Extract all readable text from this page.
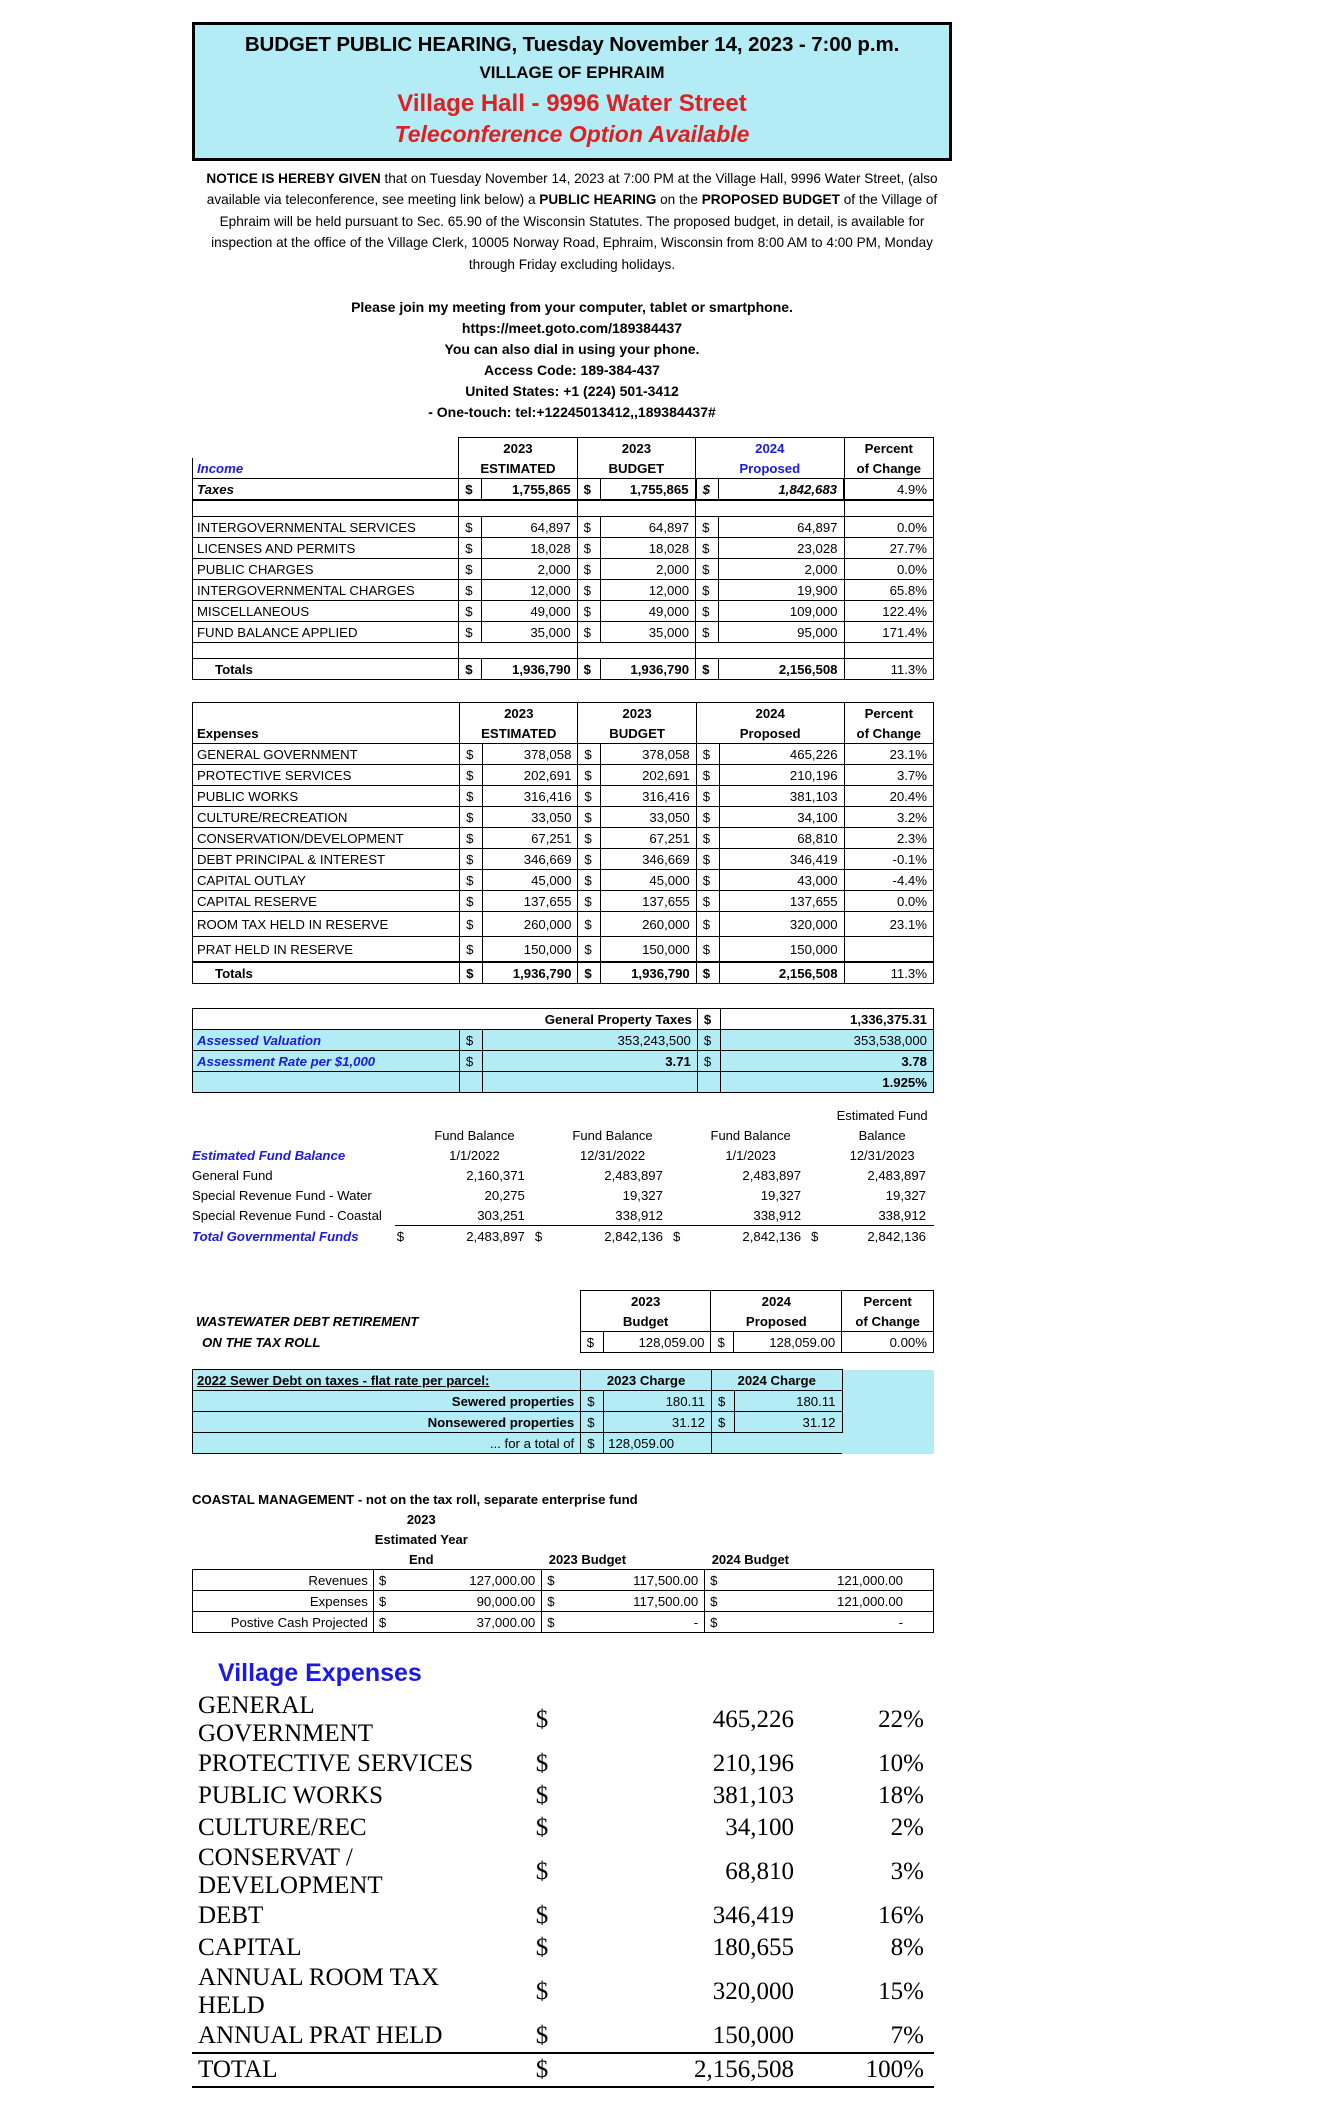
BUDGET PUBLIC HEARING, Tuesday November 14, 2023 - 7:00 p.m.
VILLAGE OF EPHRAIM
Village Hall - 9996 Water Street
Teleconference Option Available
NOTICE IS HEREBY GIVEN that on Tuesday November 14, 2023 at 7:00 PM at the Village Hall, 9996 Water Street, (also available via teleconference, see meeting link below) a PUBLIC HEARING on the PROPOSED BUDGET of the Village of Ephraim will be held pursuant to Sec. 65.90 of the Wisconsin Statutes. The proposed budget, in detail, is available for inspection at the office of the Village Clerk, 10005 Norway Road, Ephraim, Wisconsin from 8:00 AM to 4:00 PM, Monday through Friday excluding holidays.
Please join my meeting from your computer, tablet or smartphone.
https://meet.goto.com/189384437
You can also dial in using your phone.
Access Code: 189-384-437
United States: +1 (224) 501-3412
- One-touch: tel:+12245013412,,189384437#
	2023		2023		2024		Percent
Income	ESTIMATED		BUDGET		Proposed		of Change
Taxes	$	1,755,865	$	1,755,865	$	1,842,683	4.9%

INTERGOVERNMENTAL SERVICES	$	64,897	$	64,897	$	64,897	0.0%
LICENSES AND PERMITS	$	18,028	$	18,028	$	23,028	27.7%
PUBLIC CHARGES	$	2,000	$	2,000	$	2,000	0.0%
INTERGOVERNMENTAL CHARGES	$	12,000	$	12,000	$	19,900	65.8%
MISCELLANEOUS	$	49,000	$	49,000	$	109,000	122.4%
FUND BALANCE APPLIED	$	35,000	$	35,000	$	95,000	171.4%

Totals	$	1,936,790	$	1,936,790	$	2,156,508	11.3%
	2023		2023		2024		Percent
Expenses	ESTIMATED		BUDGET		Proposed		of Change
GENERAL GOVERNMENT	$	378,058	$	378,058	$	465,226	23.1%
PROTECTIVE SERVICES	$	202,691	$	202,691	$	210,196	3.7%
PUBLIC WORKS	$	316,416	$	316,416	$	381,103	20.4%
CULTURE/RECREATION	$	33,050	$	33,050	$	34,100	3.2%
CONSERVATION/DEVELOPMENT	$	67,251	$	67,251	$	68,810	2.3%
DEBT PRINCIPAL & INTEREST	$	346,669	$	346,669	$	346,419	-0.1%
CAPITAL OUTLAY	$	45,000	$	45,000	$	43,000	-4.4%
CAPITAL RESERVE	$	137,655	$	137,655	$	137,655	0.0%
ROOM TAX HELD IN RESERVE	$	260,000	$	260,000	$	320,000	23.1%
PRAT HELD IN RESERVE	$	150,000	$	150,000	$	150,000	
Totals	$	1,936,790	$	1,936,790	$	2,156,508	11.3%
General Property Taxes			$	1,336,375.31
Assessed Valuation	$	353,243,500	$	353,538,000
Assessment Rate per $1,000	$	3.71	$	3.78
				1.925%
								Estimated Fund
		Fund Balance		Fund Balance		Fund Balance		Balance
Estimated Fund Balance		1/1/2022		12/31/2022		1/1/2023		12/31/2023
General Fund		2,160,371		2,483,897		2,483,897		2,483,897
Special Revenue Fund - Water		20,275		19,327		19,327		19,327
Special Revenue Fund - Coastal		303,251		338,912		338,912		338,912
Total Governmental Funds	$	2,483,897	$	2,842,136	$	2,842,136	$	2,842,136
		2023		2024		Percent
WASTEWATER DEBT RETIREMENT		Budget		Proposed		of Change
ON THE TAX ROLL		$	128,059.00	$	128,059.00	0.00%
2022 Sewer Debt on taxes - flat rate per parcel:	2023 Charge		2024 Charge		
Sewered properties	$	180.11	$	180.11	
Nonsewered properties	$	31.12	$	31.12	
... for a total of	$	128,059.00			
COASTAL MANAGEMENT - not on the tax roll, separate enterprise fund
		2023					
		Estimated Year					
		End		2023 Budget		2024 Budget	
Revenues		$	127,000.00	$	117,500.00	$	121,000.00
Expenses		$	90,000.00	$	117,500.00	$	121,000.00
Postive Cash Projected		$	37,000.00	$	-	$	-
Village Expenses
GENERAL GOVERNMENT	$	465,226	22%
PROTECTIVE SERVICES	$	210,196	10%
PUBLIC WORKS	$	381,103	18%
CULTURE/REC	$	34,100	2%
CONSERVAT / DEVELOPMENT	$	68,810	3%
DEBT	$	346,419	16%
CAPITAL	$	180,655	8%
ANNUAL ROOM TAX HELD	$	320,000	15%
ANNUAL PRAT HELD	$	150,000	7%
TOTAL	$	2,156,508	100%
